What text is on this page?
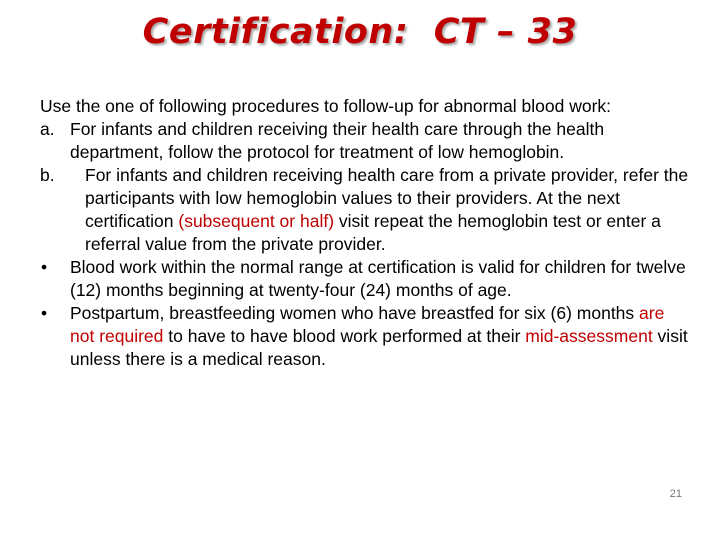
Certification:  CT – 33

Use the one of following procedures to follow-up for abnormal blood work:

a. For infants and children receiving their health care through the health department, follow the protocol for treatment of low hemoglobin.
b. For infants and children receiving health care from a private provider, refer the participants with low hemoglobin values to their providers. At the next certification (subsequent or half) visit repeat the hemoglobin test or enter a referral value from the private provider.
• Blood work within the normal range at certification is valid for children for twelve (12) months beginning at twenty-four (24) months of age.
• Postpartum, breastfeeding women who have breastfed for six (6) months are not required to have to have blood work performed at their mid-assessment visit unless there is a medical reason.
21
